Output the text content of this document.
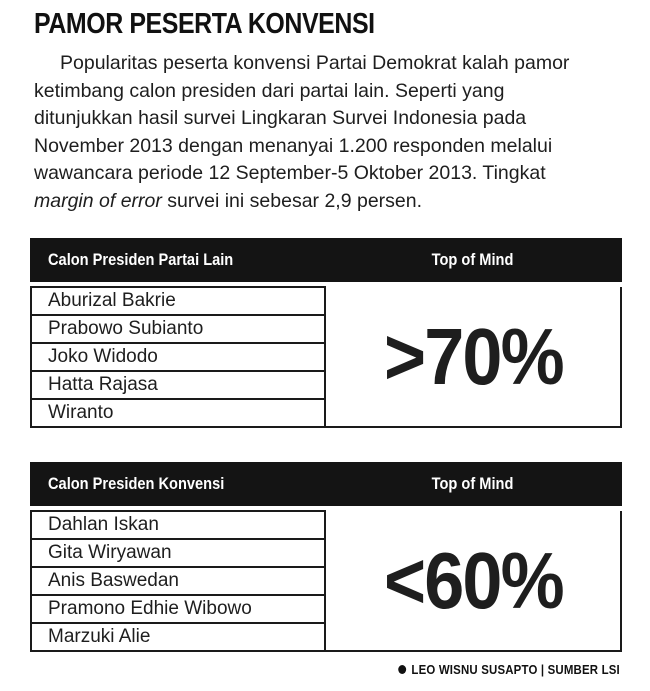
PAMOR PESERTA KONVENSI
Popularitas peserta konvensi Partai Demokrat kalah pamor
ketimbang calon presiden dari partai lain. Seperti yang
ditunjukkan hasil survei Lingkaran Survei Indonesia pada
November 2013 dengan menanyai 1.200 responden melalui
wawancara periode 12 September-5 Oktober 2013. Tingkat
margin of error survei ini sebesar 2,9 persen.
Calon Presiden Partai Lain	Top of Mind

Aburizal Bakrie	>70%
Prabowo Subianto	
Joko Widodo	
Hatta Rajasa	
Wiranto	
Calon Presiden Konvensi	Top of Mind

Dahlan Iskan	<60%
Gita Wiryawan	
Anis Baswedan	
Pramono Edhie Wibowo	
Marzuki Alie	
LEO WISNU SUSAPTO | SUMBER LSI
